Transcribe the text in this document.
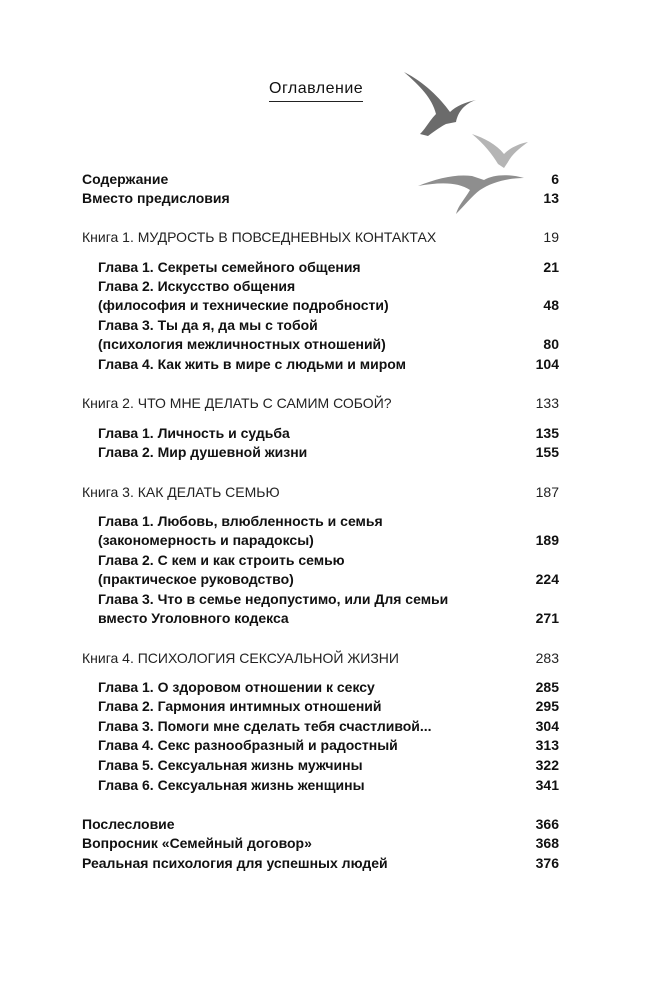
Оглавление
Содержание	6
Вместо предисловия	13
Книга 1. МУДРОСТЬ В ПОВСЕДНЕВНЫХ КОНТАКТАХ	19
Глава 1. Секреты семейного общения	21
Глава 2. Искусство общения
(философия и технические подробности)	48
Глава 3. Ты да я, да мы с тобой
(психология межличностных отношений)	80
Глава 4. Как жить в мире с людьми и миром	104
Книга 2. ЧТО МНЕ ДЕЛАТЬ С САМИМ СОБОЙ?	133
Глава 1. Личность и судьба	135
Глава 2. Мир душевной жизни	155
Книга 3. КАК ДЕЛАТЬ СЕМЬЮ	187
Глава 1. Любовь, влюбленность и семья
(закономерность и парадоксы)	189
Глава 2. С кем и как строить семью
(практическое руководство)	224
Глава 3. Что в семье недопустимо, или Для семьи
вместо Уголовного кодекса	271
Книга 4. ПСИХОЛОГИЯ СЕКСУАЛЬНОЙ ЖИЗНИ	283
Глава 1. О здоровом отношении к сексу	285
Глава 2. Гармония интимных отношений	295
Глава 3. Помоги мне сделать тебя счастливой...	304
Глава 4. Секс разнообразный и радостный	313
Глава 5. Сексуальная жизнь мужчины	322
Глава 6. Сексуальная жизнь женщины	341
Послесловие	366
Вопросник «Семейный договор»	368
Реальная психология для успешных людей	376
